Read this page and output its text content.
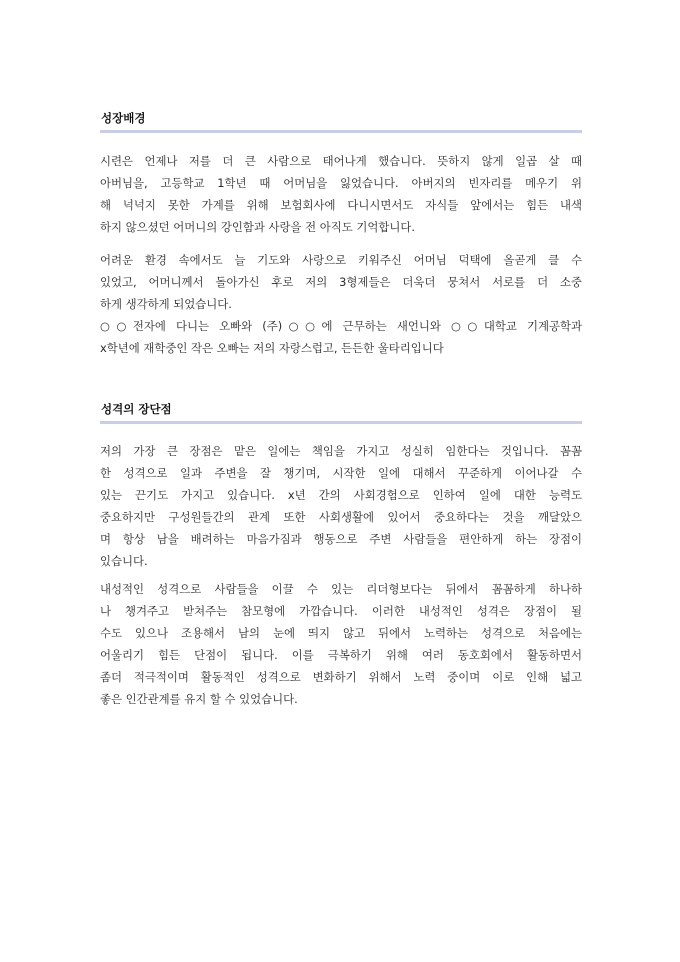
성장배경
시련은 언제나 저를 더 큰 사람으로 태어나게 했습니다. 뜻하지 않게 일곱 살 때
아버님을, 고등학교 1학년 때 어머님을 잃었습니다. 아버지의 빈자리를 메우기 위
해 넉넉지 못한 가계를 위해 보험회사에 다니시면서도 자식들 앞에서는 힘든 내색
하지 않으셨던 어머니의 강인함과 사랑을 전 아직도 기억합니다.
어려운 환경 속에서도 늘 기도와 사랑으로 키워주신 어머님 덕택에 올곧게 클 수
있었고, 어머니께서 돌아가신 후로 저의 3형제들은 더욱더 뭉쳐서 서로를 더 소중
하게 생각하게 되었습니다.
○○전자에 다니는 오빠와 (주)○○에 근무하는 새언니와 ○○대학교 기계공학과
x학년에 재학중인 작은 오빠는 저의 자랑스럽고, 든든한 울타리입니다
성격의 장단점
저의 가장 큰 장점은 맡은 일에는 책임을 가지고 성실히 임한다는 것입니다. 꼼꼼
한 성격으로 일과 주변을 잘 챙기며, 시작한 일에 대해서 꾸준하게 이어나갈 수
있는 끈기도 가지고 있습니다. x년 간의 사회경험으로 인하여 일에 대한 능력도
중요하지만 구성원들간의 관계 또한 사회생활에 있어서 중요하다는 것을 깨달았으
며 항상 남을 배려하는 마음가짐과 행동으로 주변 사람들을 편안하게 하는 장점이
있습니다.
내성적인 성격으로 사람들을 이끌 수 있는 리더형보다는 뒤에서 꼼꼼하게 하나하
나 챙겨주고 받쳐주는 참모형에 가깝습니다. 이러한 내성적인 성격은 장점이 될
수도 있으나 조용해서 남의 눈에 띄지 않고 뒤에서 노력하는 성격으로 처음에는
어울리기 힘든 단점이 됩니다. 이를 극복하기 위해 여러 동호회에서 활동하면서
좀더 적극적이며 활동적인 성격으로 변화하기 위해서 노력 중이며 이로 인해 넓고
좋은 인간관계를 유지 할 수 있었습니다.
